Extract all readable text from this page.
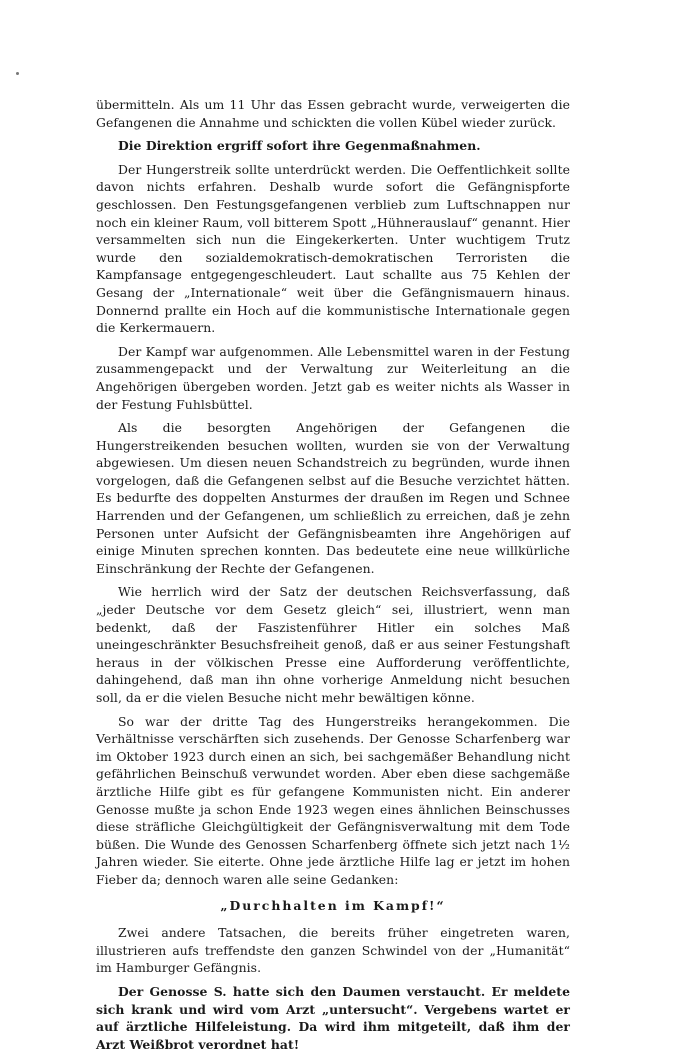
übermitteln. Als um 11 Uhr das Essen gebracht wurde, verweigerten die Gefangenen die Annahme und schickten die vollen Kübel wieder zurück.

Die Direktion ergriff sofort ihre Gegenmaßnahmen.

Der Hungerstreik sollte unterdrückt werden. Die Oeffentlichkeit sollte davon nichts erfahren. Deshalb wurde sofort die Gefängnispforte geschlossen. Den Festungsgefangenen verblieb zum Luftschnappen nur noch ein kleiner Raum, voll bitterem Spott „Hühnerauslauf“ genannt. Hier versammelten sich nun die Eingekerkerten. Unter wuchtigem Trutz wurde den sozialdemokratisch-demokratischen Terroristen die Kampfansage entgegengeschleudert. Laut schallte aus 75 Kehlen der Gesang der „Internationale“ weit über die Gefängnismauern hinaus. Donnernd prallte ein Hoch auf die kommunistische Internationale gegen die Kerkermauern.

Der Kampf war aufgenommen. Alle Lebensmittel waren in der Festung zusammengepackt und der Verwaltung zur Weiterleitung an die Angehörigen übergeben worden. Jetzt gab es weiter nichts als Wasser in der Festung Fuhlsbüttel.

Als die besorgten Angehörigen der Gefangenen die Hungerstreikenden besuchen wollten, wurden sie von der Verwaltung abgewiesen. Um diesen neuen Schandstreich zu begründen, wurde ihnen vorgelogen, daß die Gefangenen selbst auf die Besuche verzichtet hätten. Es bedurfte des doppelten Ansturmes der draußen im Regen und Schnee Harrenden und der Gefangenen, um schließlich zu erreichen, daß je zehn Personen unter Aufsicht der Gefängnisbeamten ihre Angehörigen auf einige Minuten sprechen konnten. Das bedeutete eine neue willkürliche Einschränkung der Rechte der Gefangenen.

Wie herrlich wird der Satz der deutschen Reichsverfassung, daß „jeder Deutsche vor dem Gesetz gleich“ sei, illustriert, wenn man bedenkt, daß der Faszistenführer Hitler ein solches Maß uneingeschränkter Besuchsfreiheit genoß, daß er aus seiner Festungshaft heraus in der völkischen Presse eine Aufforderung veröffentlichte, dahingehend, daß man ihn ohne vorherige Anmeldung nicht besuchen soll, da er die vielen Besuche nicht mehr bewältigen könne.

So war der dritte Tag des Hungerstreiks herangekommen. Die Verhältnisse verschärften sich zusehends. Der Genosse Scharfenberg war im Oktober 1923 durch einen an sich, bei sachgemäßer Behandlung nicht gefährlichen Beinschuß verwundet worden. Aber eben diese sachgemäße ärztliche Hilfe gibt es für gefangene Kommunisten nicht. Ein anderer Genosse mußte ja schon Ende 1923 wegen eines ähnlichen Beinschusses diese sträfliche Gleichgültigkeit der Gefängnisverwaltung mit dem Tode büßen. Die Wunde des Genossen Scharfenberg öffnete sich jetzt nach 1½ Jahren wieder. Sie eiterte. Ohne jede ärztliche Hilfe lag er jetzt im hohen Fieber da; dennoch waren alle seine Gedanken:

„Durchhalten im Kampf!“

Zwei andere Tatsachen, die bereits früher eingetreten waren, illustrieren aufs treffendste den ganzen Schwindel von der „Humanität“ im Hamburger Gefängnis.

Der Genosse S. hatte sich den Daumen verstaucht. Er meldete sich krank und wird vom Arzt „untersucht“. Vergebens wartet er auf ärztliche Hilfeleistung. Da wird ihm mitgeteilt, daß ihm der Arzt Weißbrot verordnet hat!
